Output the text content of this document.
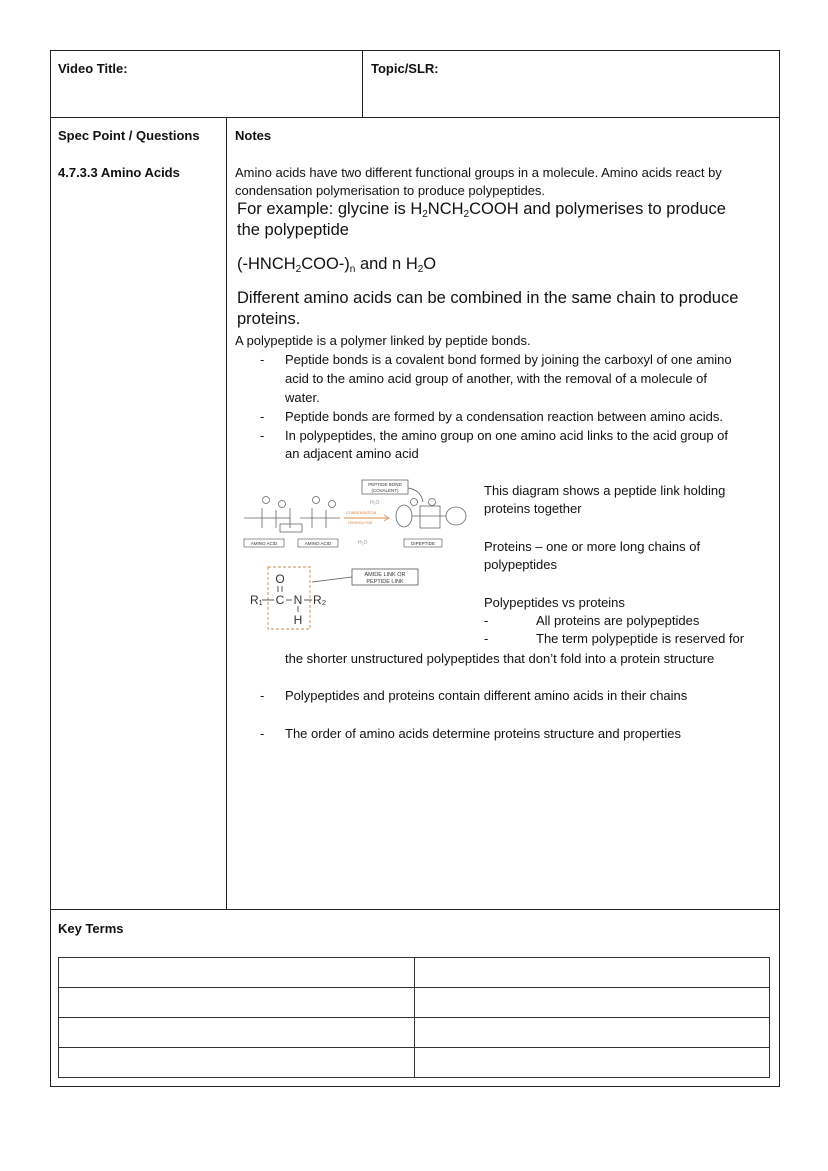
Video Title:	Topic/SLR:
Spec Point / Questions	Notes
4.7.3.3 Amino Acids	Amino acids have two different functional groups in a molecule. Amino acids react by
condensation polymerisation to produce polypeptides.
For example: glycine is $H_2NCH_2COOH$ and polymerises to produce
the polypeptide
$(-HNCH_2COO-)_n$ and n $H_2O$
Different amino acids can be combined in the same chain to produce
proteins.
A polypeptide is a polymer linked by peptide bonds.
- Peptide bonds is a covalent bond formed by joining the carboxyl of one amino
acid to the amino acid group of another, with the removal of a molecule of
water.
- Peptide bonds are formed by a condensation reaction between amino acids.
- In polypeptides, the amino group on one amino acid links to the acid group of
an adjacent amino acid
PEPTIDE BOND
(COVALENT)
H₂O
CONDENSATION
HYDROLYSIS
H₂O
AMINO ACID	AMINO ACID	DIPEPTIDE
AMIDE LINK OR
PEPTIDE LINK
O
R₁ C N R₂
H
This diagram shows a peptide link holding
proteins together
Proteins – one or more long chains of
polypeptides
Polypeptides vs proteins
-	All proteins are polypeptides
-	The term polypeptide is reserved for
the shorter unstructured polypeptides that don’t fold into a protein structure
- Polypeptides and proteins contain different amino acids in their chains
- The order of amino acids determine proteins structure and properties
Key Terms
